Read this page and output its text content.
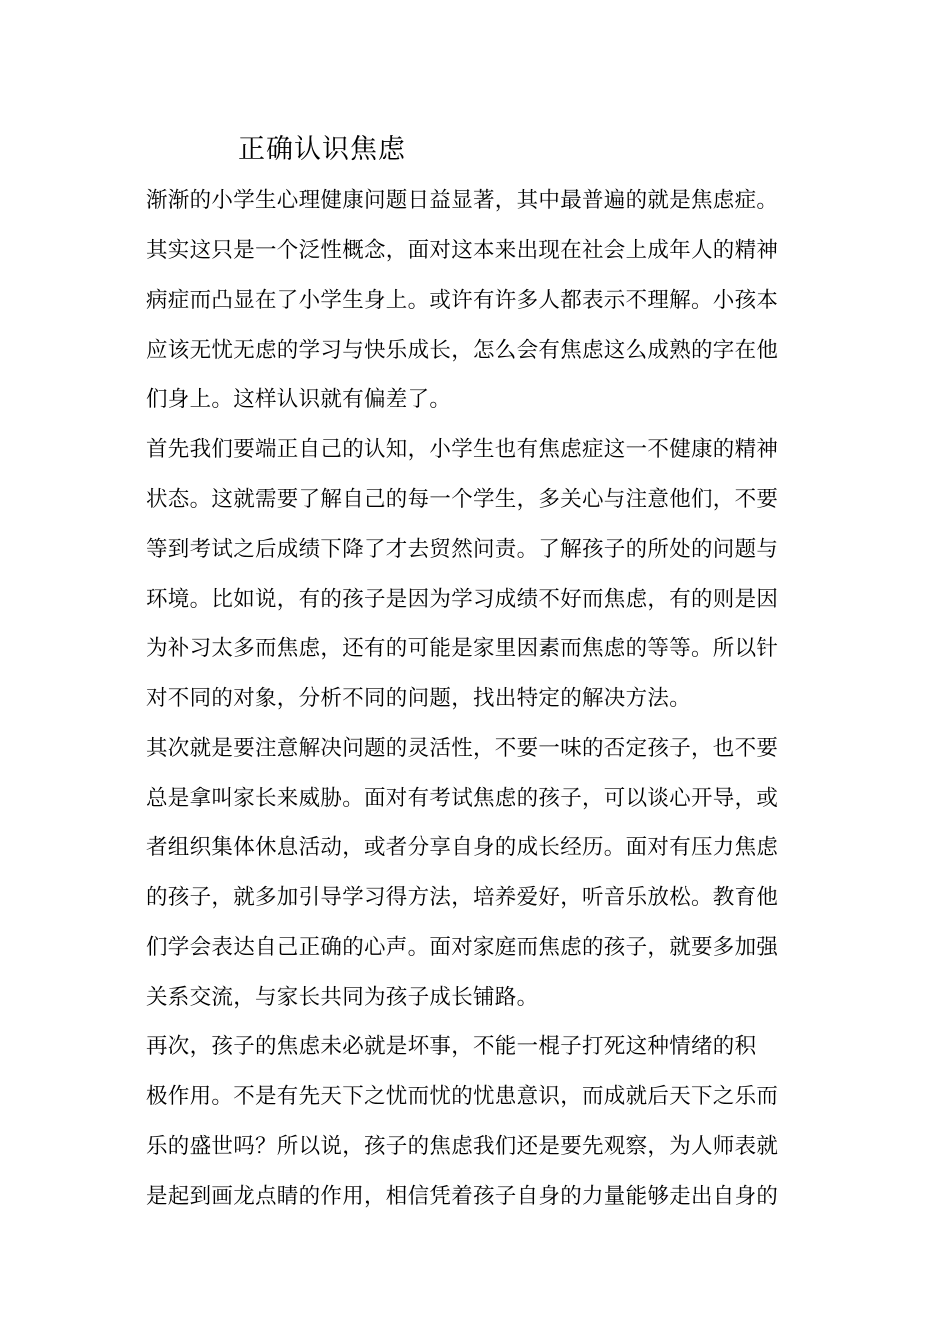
正确认识焦虑
渐渐的小学生心理健康问题日益显著，其中最普遍的就是焦虑症。
其实这只是一个泛性概念，面对这本来出现在社会上成年人的精神
病症而凸显在了小学生身上。或许有许多人都表示不理解。小孩本
应该无忧无虑的学习与快乐成长，怎么会有焦虑这么成熟的字在他
们身上。这样认识就有偏差了。
首先我们要端正自己的认知，小学生也有焦虑症这一不健康的精神
状态。这就需要了解自己的每一个学生，多关心与注意他们，不要
等到考试之后成绩下降了才去贸然问责。了解孩子的所处的问题与
环境。比如说，有的孩子是因为学习成绩不好而焦虑，有的则是因
为补习太多而焦虑，还有的可能是家里因素而焦虑的等等。所以针
对不同的对象，分析不同的问题，找出特定的解决方法。
其次就是要注意解决问题的灵活性，不要一味的否定孩子，也不要
总是拿叫家长来威胁。面对有考试焦虑的孩子，可以谈心开导，或
者组织集体休息活动，或者分享自身的成长经历。面对有压力焦虑
的孩子，就多加引导学习得方法，培养爱好，听音乐放松。教育他
们学会表达自己正确的心声。面对家庭而焦虑的孩子，就要多加强
关系交流，与家长共同为孩子成长铺路。
再次，孩子的焦虑未必就是坏事，不能一棍子打死这种情绪的积
极作用。不是有先天下之忧而忧的忧患意识，而成就后天下之乐而
乐的盛世吗？所以说，孩子的焦虑我们还是要先观察，为人师表就
是起到画龙点睛的作用，相信凭着孩子自身的力量能够走出自身的
